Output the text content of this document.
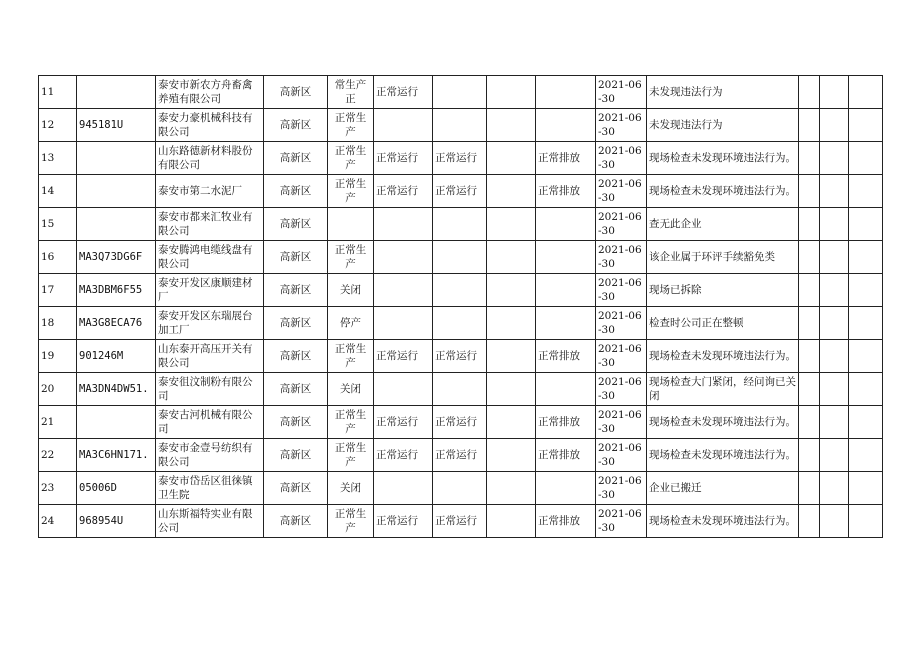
11		泰安市新农方舟畜禽养殖有限公司	高新区	常生产正	正常运行				2021-06-30	未发现违法行为			

12	945181U	泰安力豪机械科技有限公司	高新区	正常生产					2021-06-30	未发现违法行为			

13		山东路德新材料股份有限公司	高新区	正常生产	正常运行	正常运行		正常排放	2021-06-30	现场检查未发现环境违法行为。			

14		泰安市第二水泥厂	高新区	正常生产	正常运行	正常运行		正常排放	2021-06-30	现场检查未发现环境违法行为。			

15		泰安市都来汇牧业有限公司	高新区						2021-06-30	查无此企业			

16	MA3Q73DG6F	泰安腾鸿电缆线盘有限公司	高新区	正常生产					2021-06-30	该企业属于环评手续豁免类			

17	MA3DBM6F55	泰安开发区康顺建材厂	高新区	关闭					2021-06-30	现场已拆除			

18	MA3G8ECA76	泰安开发区东瑞展台加工厂	高新区	停产					2021-06-30	检查时公司正在整顿			

19	901246M	山东泰开高压开关有限公司	高新区	正常生产	正常运行	正常运行		正常排放	2021-06-30	现场检查未发现环境违法行为。			

20	MA3DN4DW51.	泰安徂汶制粉有限公司	高新区	关闭					2021-06-30	现场检查大门紧闭，经问询已关闭			

21		泰安古河机械有限公司	高新区	正常生产	正常运行	正常运行		正常排放	2021-06-30	现场检查未发现环境违法行为。			

22	MA3C6HN171.	泰安市金壹号纺织有限公司	高新区	正常生产	正常运行	正常运行		正常排放	2021-06-30	现场检查未发现环境违法行为。			

23	05006D	泰安市岱岳区徂徕镇卫生院	高新区	关闭					2021-06-30	企业已搬迁			

24	968954U	山东斯福特实业有限公司	高新区	正常生产	正常运行	正常运行		正常排放	2021-06-30	现场检查未发现环境违法行为。			
